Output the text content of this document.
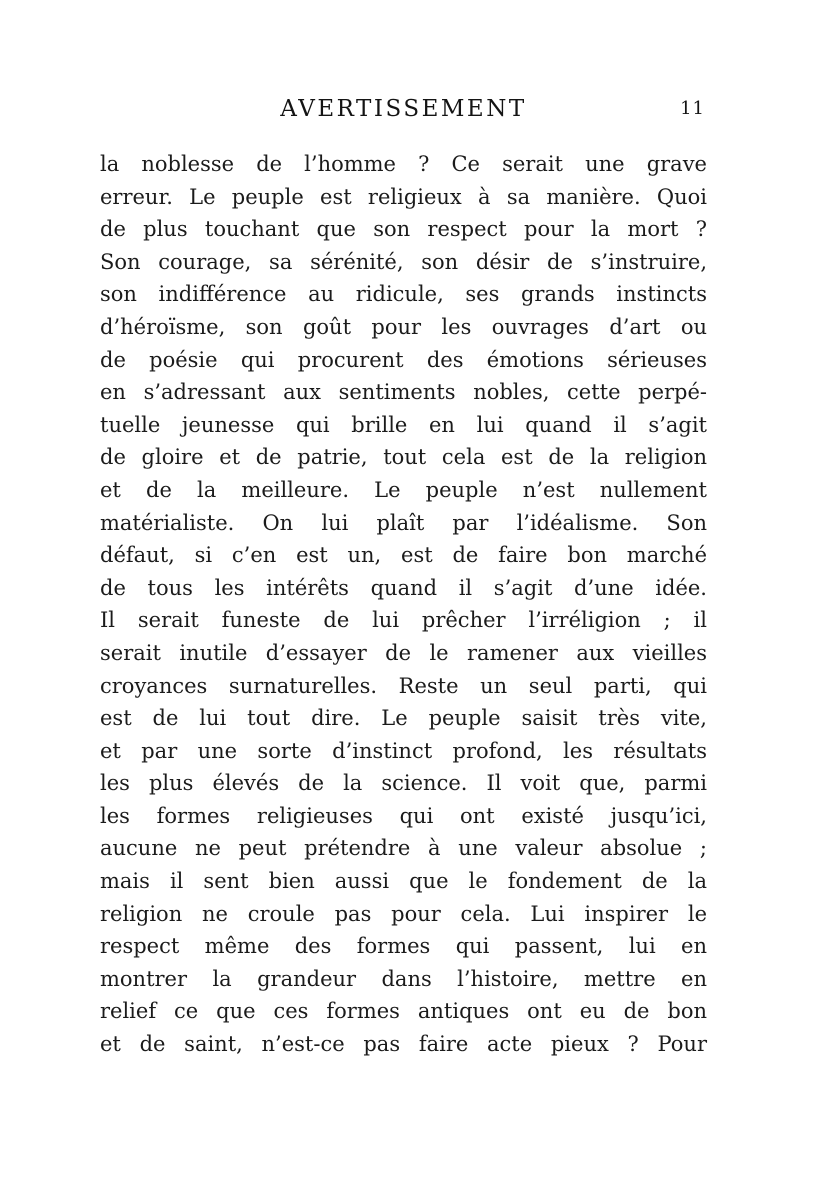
AVERTISSEMENT	11
la noblesse de l’homme ? Ce serait une grave
erreur. Le peuple est religieux à sa manière. Quoi
de plus touchant que son respect pour la mort ?
Son courage, sa sérénité, son désir de s’instruire,
son indifférence au ridicule, ses grands instincts
d’héroïsme, son goût pour les ouvrages d’art ou
de poésie qui procurent des émotions sérieuses
en s’adressant aux sentiments nobles, cette perpé-
tuelle jeunesse qui brille en lui quand il s’agit
de gloire et de patrie, tout cela est de la religion
et de la meilleure. Le peuple n’est nullement
matérialiste. On lui plaît par l’idéalisme. Son
défaut, si c’en est un, est de faire bon marché
de tous les intérêts quand il s’agit d’une idée.
Il serait funeste de lui prêcher l’irréligion ; il
serait inutile d’essayer de le ramener aux vieilles
croyances surnaturelles. Reste un seul parti, qui
est de lui tout dire. Le peuple saisit très vite,
et par une sorte d’instinct profond, les résultats
les plus élevés de la science. Il voit que, parmi
les formes religieuses qui ont existé jusqu’ici,
aucune ne peut prétendre à une valeur absolue ;
mais il sent bien aussi que le fondement de la
religion ne croule pas pour cela. Lui inspirer le
respect même des formes qui passent, lui en
montrer la grandeur dans l’histoire, mettre en
relief ce que ces formes antiques ont eu de bon
et de saint, n’est-ce pas faire acte pieux ? Pour
